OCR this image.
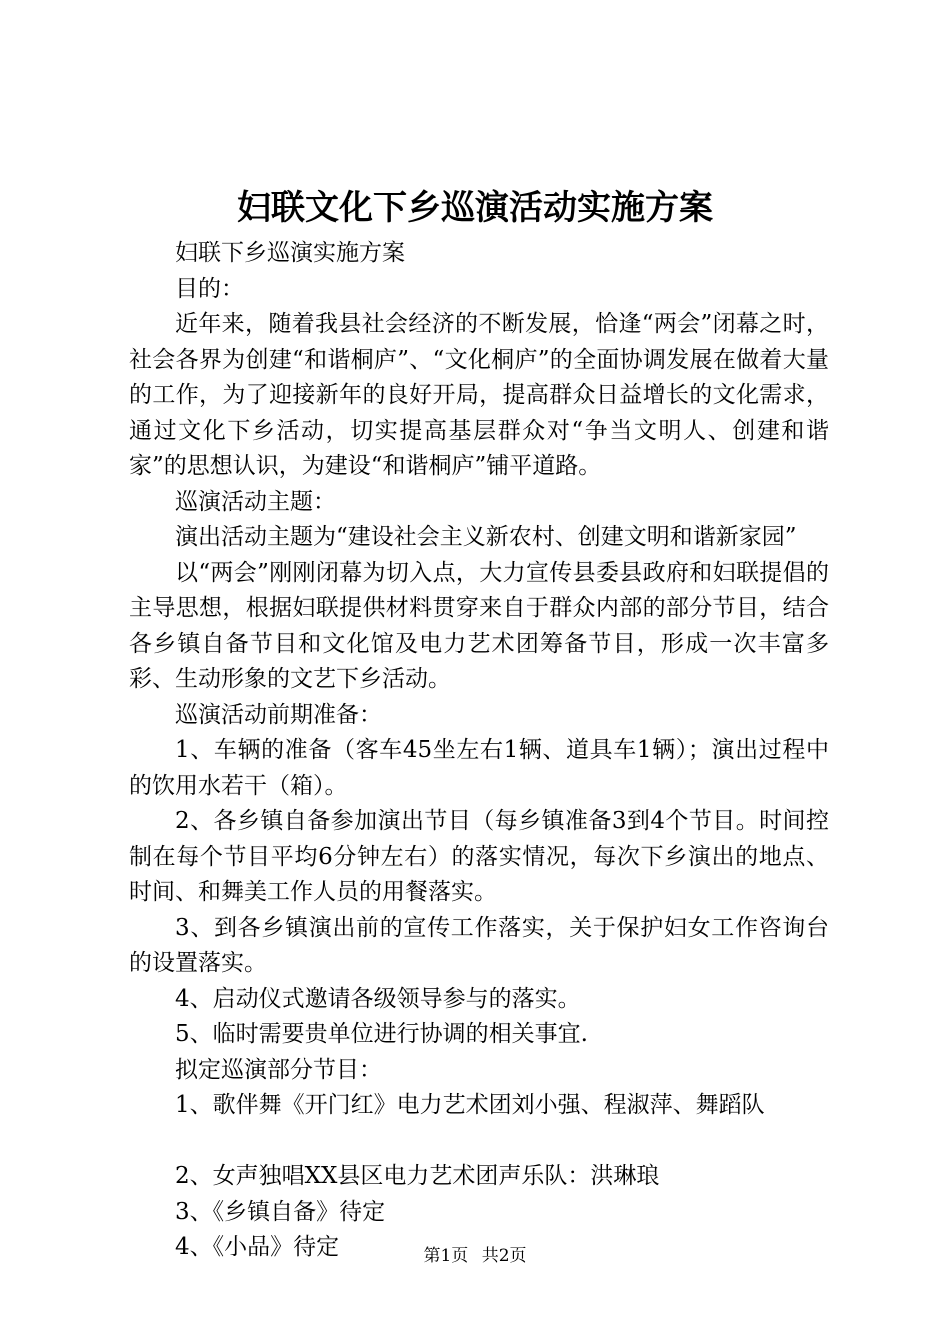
妇联文化下乡巡演活动实施方案

妇联下乡巡演实施方案

目的：

近年来，随着我县社会经济的不断发展，恰逢“两会”闭幕之时，社会各界为创建“和谐桐庐”、“文化桐庐”的全面协调发展在做着大量的工作，为了迎接新年的良好开局，提高群众日益增长的文化需求，通过文化下乡活动，切实提高基层群众对“争当文明人、创建和谐家”的思想认识，为建设“和谐桐庐”铺平道路。

巡演活动主题：

演出活动主题为“建设社会主义新农村、创建文明和谐新家园”

以“两会”刚刚闭幕为切入点，大力宣传县委县政府和妇联提倡的主导思想，根据妇联提供材料贯穿来自于群众内部的部分节目，结合各乡镇自备节目和文化馆及电力艺术团筹备节目，形成一次丰富多彩、生动形象的文艺下乡活动。

巡演活动前期准备：

1、车辆的准备（客车45坐左右1辆、道具车1辆）；演出过程中的饮用水若干（箱）。

2、各乡镇自备参加演出节目（每乡镇准备3到4个节目。时间控制在每个节目平均6分钟左右）的落实情况，每次下乡演出的地点、时间、和舞美工作人员的用餐落实。

3、到各乡镇演出前的宣传工作落实，关于保护妇女工作咨询台的设置落实。

4、启动仪式邀请各级领导参与的落实。

5、临时需要贵单位进行协调的相关事宜.

拟定巡演部分节目：

1、歌伴舞《开门红》电力艺术团刘小强、程淑萍、舞蹈队

2、女声独唱XX县区电力艺术团声乐队：洪琳琅

3、《乡镇自备》待定

4、《小品》待定	第1页 共2页
